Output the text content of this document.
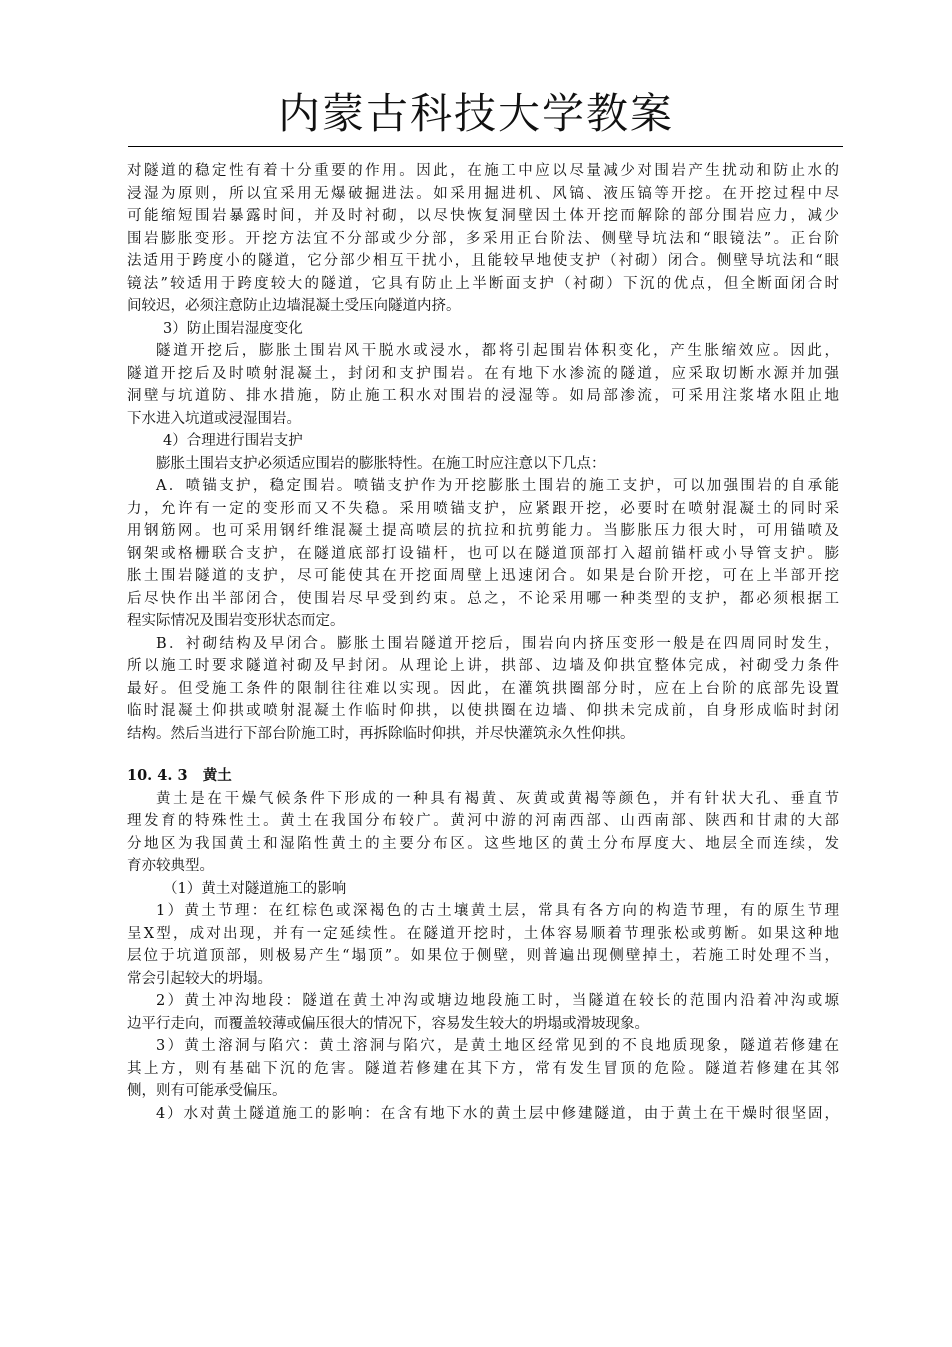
内蒙古科技大学教案
对隧道的稳定性有着十分重要的作用。因此，在施工中应以尽量减少对围岩产生扰动和防止水的
浸湿为原则，所以宜采用无爆破掘进法。如采用掘进机、风镐、液压镐等开挖。在开挖过程中尽
可能缩短围岩暴露时间，并及时衬砌，以尽快恢复洞壁因土体开挖而解除的部分围岩应力，减少
围岩膨胀变形。开挖方法宜不分部或少分部，多采用正台阶法、侧壁导坑法和“眼镜法”。正台阶
法适用于跨度小的隧道，它分部少相互干扰小，且能较早地使支护（衬砌）闭合。侧壁导坑法和“眼
镜法”较适用于跨度较大的隧道，它具有防止上半断面支护（衬砌）下沉的优点，但全断面闭合时
间较迟，必须注意防止边墙混凝土受压向隧道内挤。
3）防止围岩湿度变化
隧道开挖后，膨胀土围岩风干脱水或浸水，都将引起围岩体积变化，产生胀缩效应。因此，
隧道开挖后及时喷射混凝土，封闭和支护围岩。在有地下水渗流的隧道，应采取切断水源并加强
洞壁与坑道防、排水措施，防止施工积水对围岩的浸湿等。如局部渗流，可采用注浆堵水阻止地
下水进入坑道或浸湿围岩。
4）合理进行围岩支护
膨胀土围岩支护必须适应围岩的膨胀特性。在施工时应注意以下几点：
A．喷锚支护，稳定围岩。喷锚支护作为开挖膨胀土围岩的施工支护，可以加强围岩的自承能
力，允许有一定的变形而又不失稳。采用喷锚支护，应紧跟开挖，必要时在喷射混凝土的同时采
用钢筋网。也可采用钢纤维混凝土提高喷层的抗拉和抗剪能力。当膨胀压力很大时，可用锚喷及
钢架或格栅联合支护，在隧道底部打设锚杆，也可以在隧道顶部打入超前锚杆或小导管支护。膨
胀土围岩隧道的支护，尽可能使其在开挖面周壁上迅速闭合。如果是台阶开挖，可在上半部开挖
后尽快作出半部闭合，使围岩尽早受到约束。总之，不论采用哪一种类型的支护，都必须根据工
程实际情况及围岩变形状态而定。
B．衬砌结构及早闭合。膨胀土围岩隧道开挖后，围岩向内挤压变形一般是在四周同时发生，
所以施工时要求隧道衬砌及早封闭。从理论上讲，拱部、边墙及仰拱宜整体完成，衬砌受力条件
最好。但受施工条件的限制往往难以实现。因此，在灌筑拱圈部分时，应在上台阶的底部先设置
临时混凝土仰拱或喷射混凝土作临时仰拱，以使拱圈在边墙、仰拱未完成前，自身形成临时封闭
结构。然后当进行下部台阶施工时，再拆除临时仰拱，并尽快灌筑永久性仰拱。
10. 4. 3 黄土
黄土是在干燥气候条件下形成的一种具有褐黄、灰黄或黄褐等颜色，并有针状大孔、垂直节
理发育的特殊性土。黄土在我国分布较广。黄河中游的河南西部、山西南部、陕西和甘肃的大部
分地区为我国黄土和湿陷性黄土的主要分布区。这些地区的黄土分布厚度大、地层全而连续，发
育亦较典型。
（1）黄土对隧道施工的影响
1）黄土节理：在红棕色或深褐色的古土壤黄土层，常具有各方向的构造节理，有的原生节理
呈X型，成对出现，并有一定延续性。在隧道开挖时，土体容易顺着节理张松或剪断。如果这种地
层位于坑道顶部，则极易产生“塌顶”。如果位于侧壁，则普遍出现侧壁掉土，若施工时处理不当，
常会引起较大的坍塌。
2）黄土冲沟地段：隧道在黄土冲沟或塘边地段施工时，当隧道在较长的范围内沿着冲沟或塬
边平行走向，而覆盖较薄或偏压很大的情况下，容易发生较大的坍塌或滑坡现象。
3）黄土溶洞与陷穴：黄土溶洞与陷穴，是黄土地区经常见到的不良地质现象，隧道若修建在
其上方，则有基础下沉的危害。隧道若修建在其下方，常有发生冒顶的危险。隧道若修建在其邻
侧，则有可能承受偏压。
4）水对黄土隧道施工的影响：在含有地下水的黄土层中修建隧道，由于黄土在干燥时很坚固，
